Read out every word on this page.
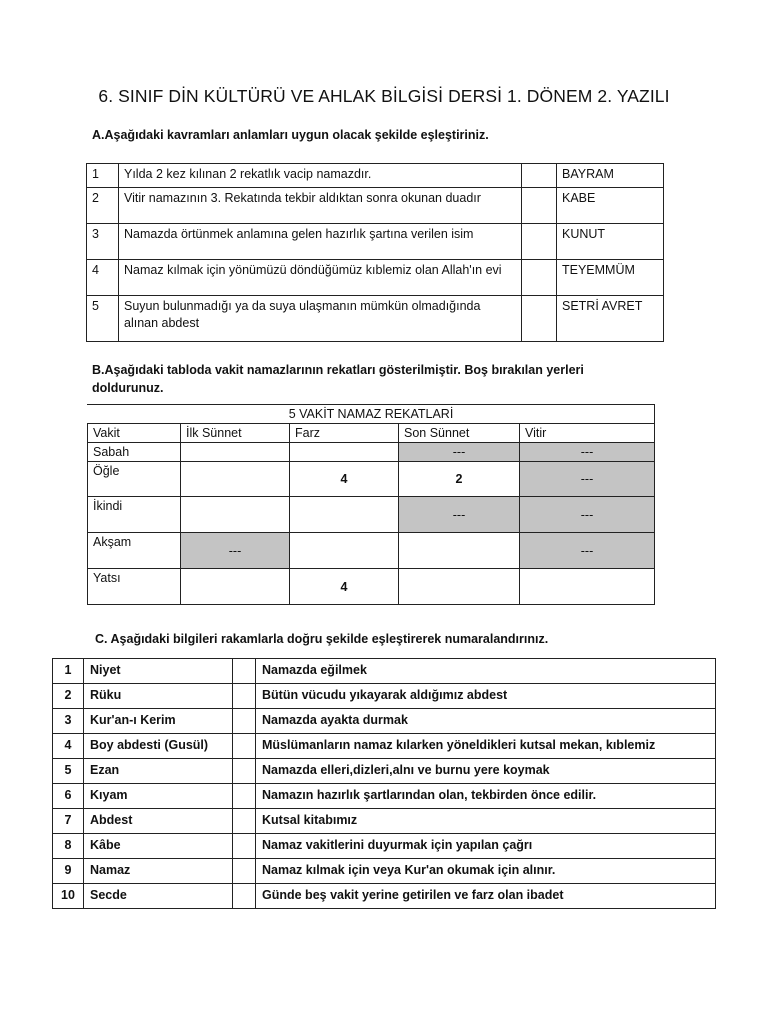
6. SINIF DİN KÜLTÜRÜ VE AHLAK BİLGİSİ DERSİ 1. DÖNEM 2. YAZILI
A.Aşağıdaki kavramları anlamları uygun olacak şekilde eşleştiriniz.
1	Yılda 2 kez kılınan 2 rekatlık vacip namazdır.		BAYRAM
2	Vitir namazının 3. Rekatında tekbir aldıktan sonra okunan duadır		KABE
3	Namazda örtünmek anlamına gelen hazırlık şartına verilen isim		KUNUT
4	Namaz kılmak için yönümüzü döndüğümüz kıblemiz olan Allah'ın evi		TEYEMMÜM
5	Suyun bulunmadığı ya da suya ulaşmanın mümkün olmadığında alınan abdest		SETRİ AVRET
B.Aşağıdaki tabloda vakit namazlarının rekatları gösterilmiştir. Boş bırakılan yerleri doldurunuz.
5 VAKİT NAMAZ REKATLARİ				
Vakit	İlk Sünnet	Farz	Son Sünnet	Vitir
Sabah			---	---
Öğle		4	2	---
İkindi			---	---
Akşam	---			---
Yatsı		4		
C. Aşağıdaki bilgileri rakamlarla doğru şekilde eşleştirerek numaralandırınız.
1	Niyet		Namazda eğilmek
2	Rüku		Bütün vücudu yıkayarak aldığımız abdest
3	Kur'an-ı Kerim		Namazda ayakta durmak
4	Boy abdesti (Gusül)		Müslümanların namaz kılarken yöneldikleri kutsal mekan, kıblemiz
5	Ezan		Namazda elleri,dizleri,alnı ve burnu yere koymak
6	Kıyam		Namazın hazırlık şartlarından olan, tekbirden önce edilir.
7	Abdest		Kutsal kitabımız
8	Kâbe		Namaz vakitlerini duyurmak için yapılan çağrı
9	Namaz		Namaz kılmak için veya Kur'an okumak için alınır.
10	Secde		Günde beş vakit yerine getirilen ve farz olan ibadet
